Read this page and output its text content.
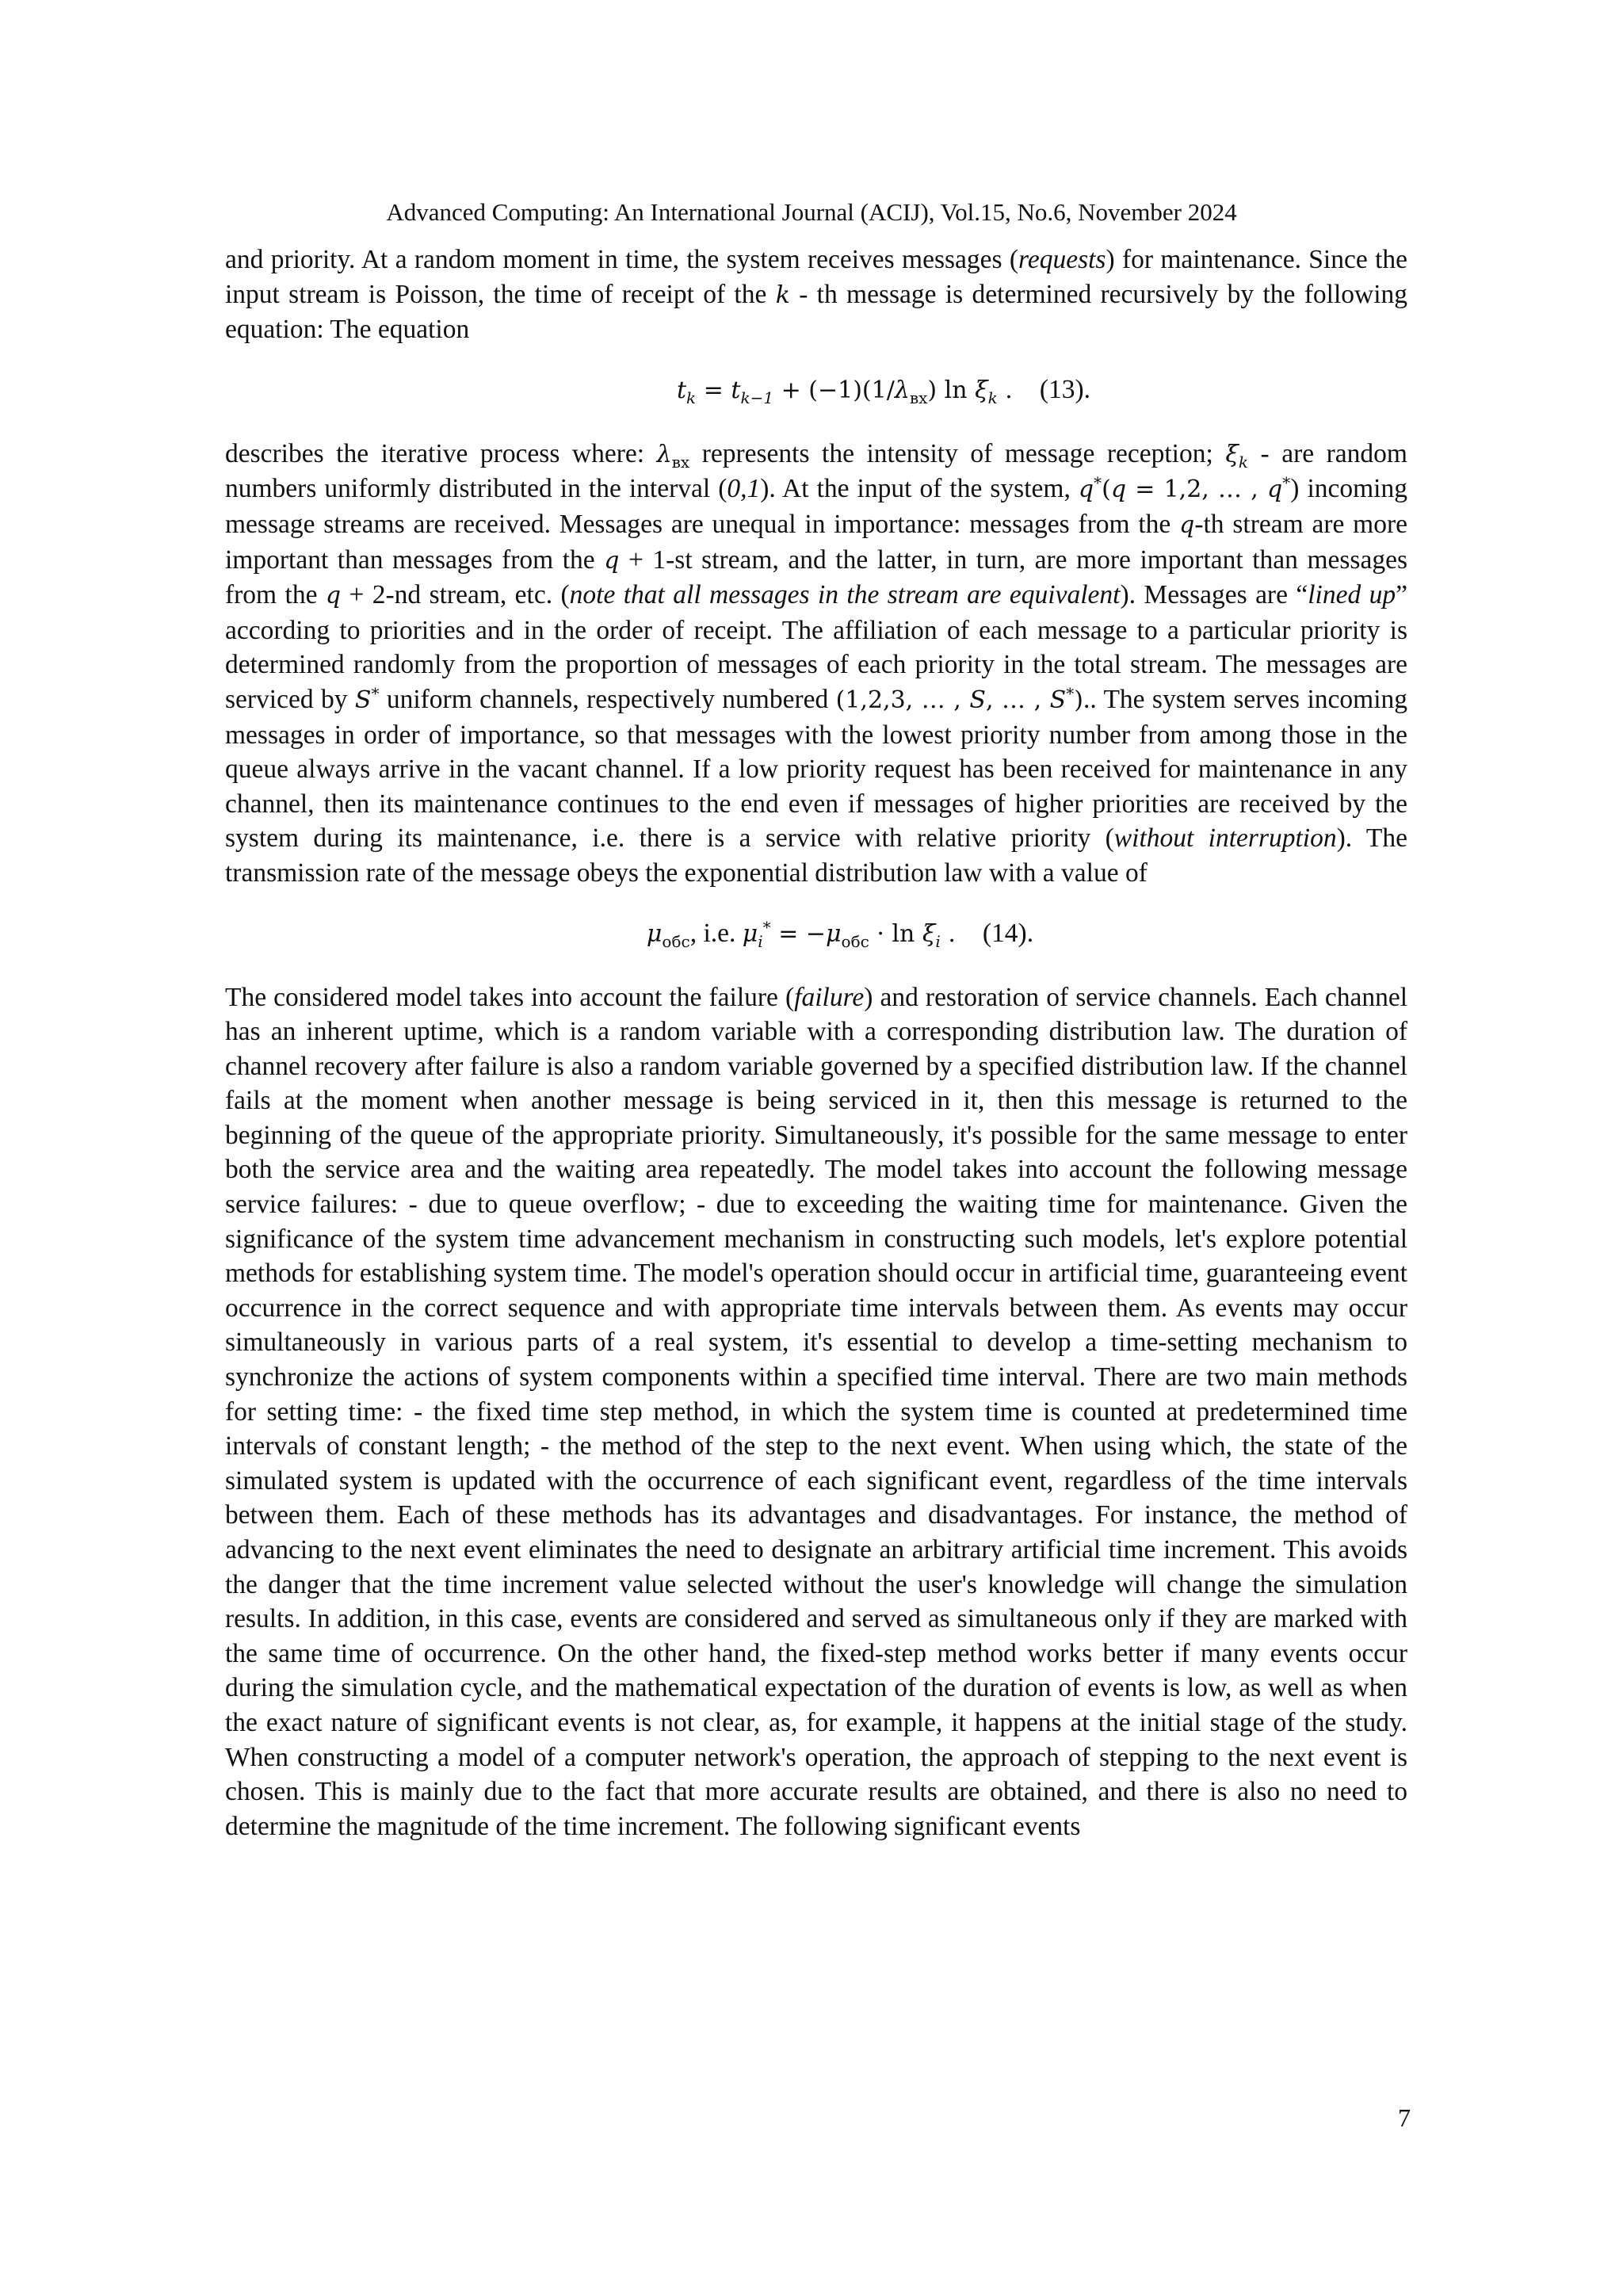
Advanced Computing: An International Journal (ACIJ), Vol.15, No.6, November 2024

and priority. At a random moment in time, the system receives messages (requests) for maintenance. Since the input stream is Poisson, the time of receipt of the k - th message is determined recursively by the following equation: The equation

$t_k = t_{k-1} + (-1)(1/\lambda_{вх})$ $\ln \xi_k$ . (13).

describes the iterative process where: $\lambda_{вх}$ represents the intensity of message reception; $\xi_k$ - are random numbers uniformly distributed in the interval (0,1). At the input of the system, q*(q = 1,2, … , q*) incoming message streams are received. Messages are unequal in importance: messages from the q-th stream are more important than messages from the q + 1-st stream, and the latter, in turn, are more important than messages from the q + 2-nd stream, etc. (note that all messages in the stream are equivalent). Messages are “lined up” according to priorities and in the order of receipt. The affiliation of each message to a particular priority is determined randomly from the proportion of messages of each priority in the total stream. The messages are serviced by S* uniform channels, respectively numbered (1,2,3, … , S, … , S*).. The system serves incoming messages in order of importance, so that messages with the lowest priority number from among those in the queue always arrive in the vacant channel. If a low priority request has been received for maintenance in any channel, then its maintenance continues to the end even if messages of higher priorities are received by the system during its maintenance, i.e. there is a service with relative priority (without interruption). The transmission rate of the message obeys the exponential distribution law with a value of

$\mu_{обс}$, i.e. $\mu_i^* = -\mu_{обс} \cdot \ln \xi_i$ . (14).

The considered model takes into account the failure (failure) and restoration of service channels. Each channel has an inherent uptime, which is a random variable with a corresponding distribution law. The duration of channel recovery after failure is also a random variable governed by a specified distribution law. If the channel fails at the moment when another message is being serviced in it, then this message is returned to the beginning of the queue of the appropriate priority. Simultaneously, it's possible for the same message to enter both the service area and the waiting area repeatedly. The model takes into account the following message service failures: - due to queue overflow; - due to exceeding the waiting time for maintenance. Given the significance of the system time advancement mechanism in constructing such models, let's explore potential methods for establishing system time. The model's operation should occur in artificial time, guaranteeing event occurrence in the correct sequence and with appropriate time intervals between them. As events may occur simultaneously in various parts of a real system, it's essential to develop a time-setting mechanism to synchronize the actions of system components within a specified time interval. There are two main methods for setting time: - the fixed time step method, in which the system time is counted at predetermined time intervals of constant length; - the method of the step to the next event. When using which, the state of the simulated system is updated with the occurrence of each significant event, regardless of the time intervals between them. Each of these methods has its advantages and disadvantages. For instance, the method of advancing to the next event eliminates the need to designate an arbitrary artificial time increment. This avoids the danger that the time increment value selected without the user's knowledge will change the simulation results. In addition, in this case, events are considered and served as simultaneous only if they are marked with the same time of occurrence. On the other hand, the fixed-step method works better if many events occur during the simulation cycle, and the mathematical expectation of the duration of events is low, as well as when the exact nature of significant events is not clear, as, for example, it happens at the initial stage of the study. When constructing a model of a computer network's operation, the approach of stepping to the next event is chosen. This is mainly due to the fact that more accurate results are obtained, and there is also no need to determine the magnitude of the time increment. The following significant events

7
